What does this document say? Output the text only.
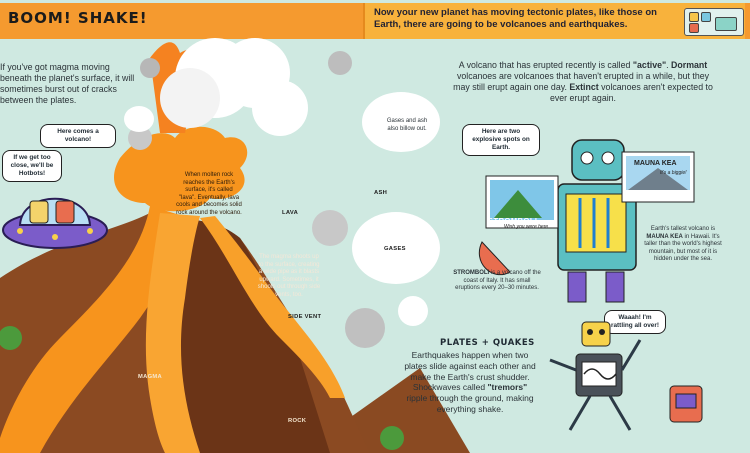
BOOM! SHAKE!	Now your new planet has moving tectonic plates, like those on Earth, there are going to be volcanoes and earthquakes.
If you've got magma moving beneath the planet's surface, it will sometimes burst out of cracks between the plates.
Here comes a volcano!
If we get too close, we'll be Hotbots!
Here are two explosive spots on Earth.
Waaah! I'm rattling all over!
When molten rock reaches the Earth's surface, it's called "lava". Eventually, lava cools and becomes solid rock around the volcano.
Gases and ash also billow out.
The magma shoots up to the surface, creating a wide pipe as it blasts upward. Sometimes, it shoots out through side vents, too.
LAVA
ASH
GASES
SIDE VENT
MAGMA
ROCK
A volcano that has erupted recently is called "active". Dormant volcanoes are volcanoes that haven't erupted in a while, but they may still erupt again one day. Extinct volcanoes aren't expected to ever erupt again.
STROMBOLI
Wish you were here
MAUNA KEA
It's a biggie!
STROMBOLI is a volcano off the coast of Italy. It has small eruptions every 20–30 minutes.
Earth's tallest volcano is MAUNA KEA in Hawaii. It's taller than the world's highest mountain, but most of it is hidden under the sea.
PLATES + QUAKES
Earthquakes happen when two plates slide against each other and make the Earth's crust shudder. Shockwaves called "tremors" ripple through the ground, making everything shake.
